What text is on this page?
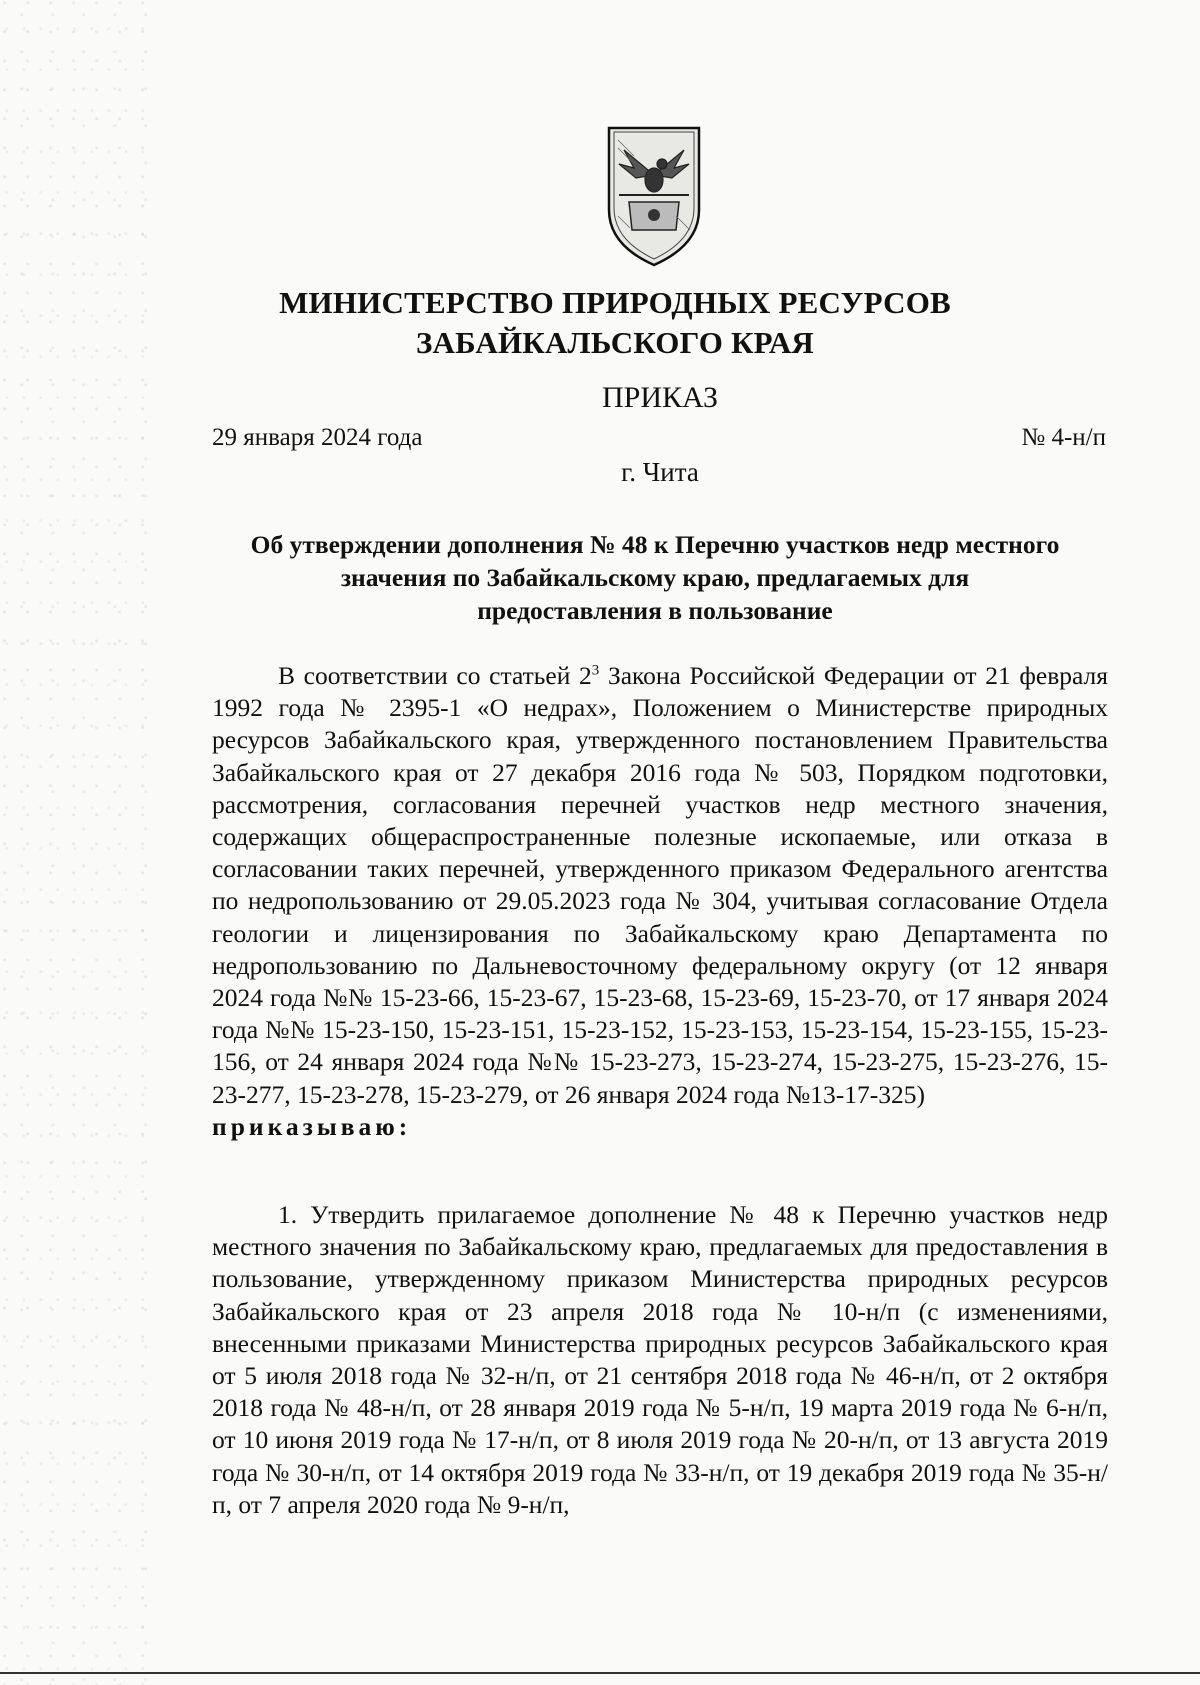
МИНИСТЕРСТВО ПРИРОДНЫХ РЕСУРСОВ
ЗАБАЙКАЛЬСКОГО КРАЯ
ПРИКАЗ
29 января 2024 года	№ 4-н/п
г. Чита
Об утверждении дополнения № 48 к Перечню участков недр местного
значения по Забайкальскому краю, предлагаемых для
предоставления в пользование

В соответствии со статьей $2^3$ Закона Российской Федерации от 21 февраля 1992 года № 2395-1 «О недрах», Положением о Министерстве природных ресурсов Забайкальского края, утвержденного постановлением Правительства Забайкальского края от 27 декабря 2016 года № 503, Порядком подготовки, рассмотрения, согласования перечней участков недр местного значения, содержащих общераспространенные полезные ископаемые, или отказа в согласовании таких перечней, утвержденного приказом Федерального агентства по недропользованию от 29.05.2023 года № 304, учитывая согласование Отдела геологии и лицензирования по Забайкальскому краю Департамента по недропользованию по Дальневосточному федеральному округу (от 12 января 2024 года №№ 15-23-66, 15-23-67, 15-23-68, 15-23-69, 15-23-70, от 17 января 2024 года №№ 15-23-150, 15-23-151, 15-23-152, 15-23-153, 15-23-154, 15-23-155, 15-23-156, от 24 января 2024 года №№ 15-23-273, 15-23-274, 15-23-275, 15-23-276, 15-23-277, 15-23-278, 15-23-279, от 26 января 2024 года №13-17-325)

приказываю:

1. Утвердить прилагаемое дополнение № 48 к Перечню участков недр местного значения по Забайкальскому краю, предлагаемых для предоставления в пользование, утвержденному приказом Министерства природных ресурсов Забайкальского края от 23 апреля 2018 года № 10-н/п (с изменениями, внесенными приказами Министерства природных ресурсов Забайкальского края от 5 июля 2018 года № 32-н/п, от 21 сентября 2018 года № 46-н/п, от 2 октября 2018 года № 48-н/п, от 28 января 2019 года № 5-н/п, 19 марта 2019 года № 6-н/п, от 10 июня 2019 года № 17-н/п, от 8 июля 2019 года № 20-н/п, от 13 августа 2019 года № 30-н/п, от 14 октября 2019 года № 33-н/п, от 19 декабря 2019 года № 35-н/п, от 7 апреля 2020 года № 9-н/п,
